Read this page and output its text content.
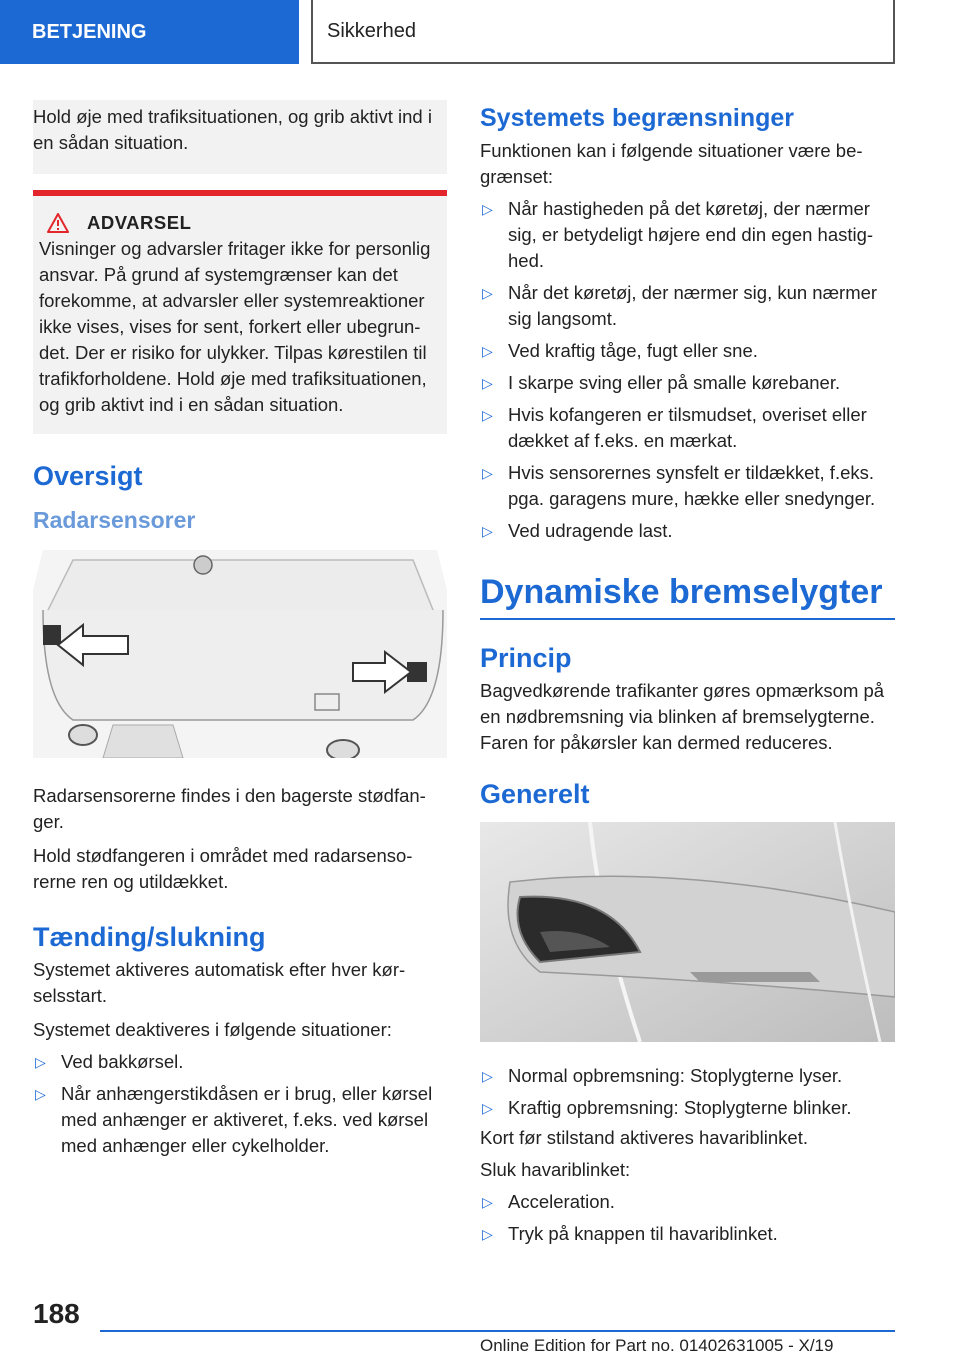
BETJENING	Sikkerhed

Hold øje med trafiksituationen, og grib aktivt ind i en sådan situation.

ADVARSEL

Visninger og advarsler fritager ikke for personlig ansvar. På grund af systemgrænser kan det forekomme, at advarsler eller systemreaktioner ikke vises, vises for sent, forkert eller ubegrun-det. Der er risiko for ulykker. Tilpas kørestilen til trafikforholdene. Hold øje med trafiksituationen, og grib aktivt ind i en sådan situation.

Oversigt
Radarsensorer

Radarsensorerne findes i den bagerste stødfan-ger.

Hold stødfangeren i området med radarsenso-rerne ren og utildækket.

Tænding/slukning

Systemet aktiveres automatisk efter hver kør-selsstart.

Systemet deaktiveres i følgende situationer:

▷ Ved bakkørsel.
▷ Når anhængerstikdåsen er i brug, eller kørsel med anhænger er aktiveret, f.eks. ved kørsel med anhænger eller cykelholder.
Systemets begrænsninger

Funktionen kan i følgende situationer være be-grænset:

▷ Når hastigheden på det køretøj, der nærmer sig, er betydeligt højere end din egen hastig-hed.
▷ Når det køretøj, der nærmer sig, kun nærmer sig langsomt.
▷ Ved kraftig tåge, fugt eller sne.
▷ I skarpe sving eller på smalle kørebaner.
▷ Hvis kofangeren er tilsmudset, overiset eller dækket af f.eks. en mærkat.
▷ Hvis sensorernes synsfelt er tildækket, f.eks. pga. garagens mure, hække eller snedynger.
▷ Ved udragende last.
Dynamiske bremselygter
Princip

Bagvedkørende trafikanter gøres opmærksom på en nødbremsning via blinken af bremselygterne. Faren for påkørsler kan dermed reduceres.

Generelt
▷ Normal opbremsning: Stoplygterne lyser.
▷ Kraftig opbremsning: Stoplygterne blinker.

Kort før stilstand aktiveres havariblinket.

Sluk havariblinket:

▷ Acceleration.
▷ Tryk på knappen til havariblinket.
188
Online Edition for Part no. 01402631005 - X/19
